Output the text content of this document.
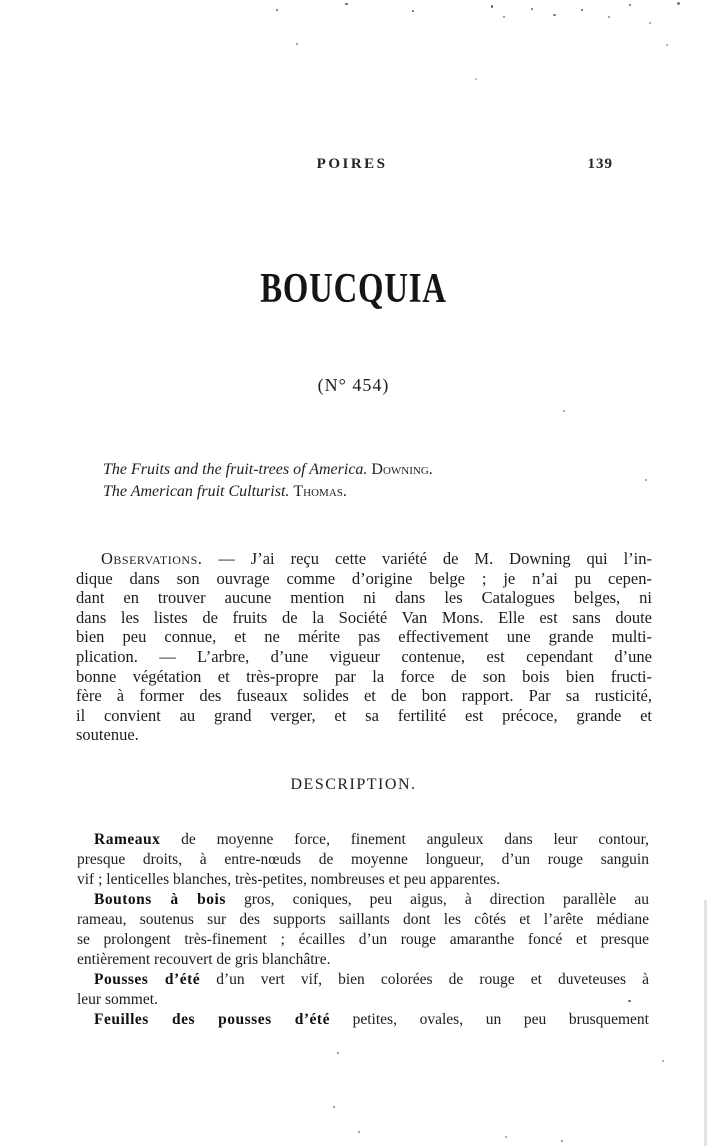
POIRES	139
BOUCQUIA
(N° 454)
The Fruits and the fruit-trees of America. Downing.
The American fruit Culturist. Thomas.
Observations. — J’ai reçu cette variété de M. Downing qui l’in-
dique dans son ouvrage comme d’origine belge ; je n’ai pu cepen-
dant en trouver aucune mention ni dans les Catalogues belges, ni
dans les listes de fruits de la Société Van Mons. Elle est sans doute
bien peu connue, et ne mérite pas effectivement une grande multi-
plication. — L’arbre, d’une vigueur contenue, est cependant d’une
bonne végétation et très-propre par la force de son bois bien fructi-
fère à former des fuseaux solides et de bon rapport. Par sa rusticité,
il convient au grand verger, et sa fertilité est précoce, grande et
soutenue.
DESCRIPTION.
Rameaux de moyenne force, finement anguleux dans leur contour,
presque droits, à entre-nœuds de moyenne longueur, d’un rouge sanguin
vif ; lenticelles blanches, très-petites, nombreuses et peu apparentes.
Boutons à bois gros, coniques, peu aigus, à direction parallèle au
rameau, soutenus sur des supports saillants dont les côtés et l’arête médiane
se prolongent très-finement ; écailles d’un rouge amaranthe foncé et presque
entièrement recouvert de gris blanchâtre.
Pousses d’été d’un vert vif, bien colorées de rouge et duveteuses à
leur sommet.
Feuilles des pousses d’été petites, ovales, un peu brusquement
